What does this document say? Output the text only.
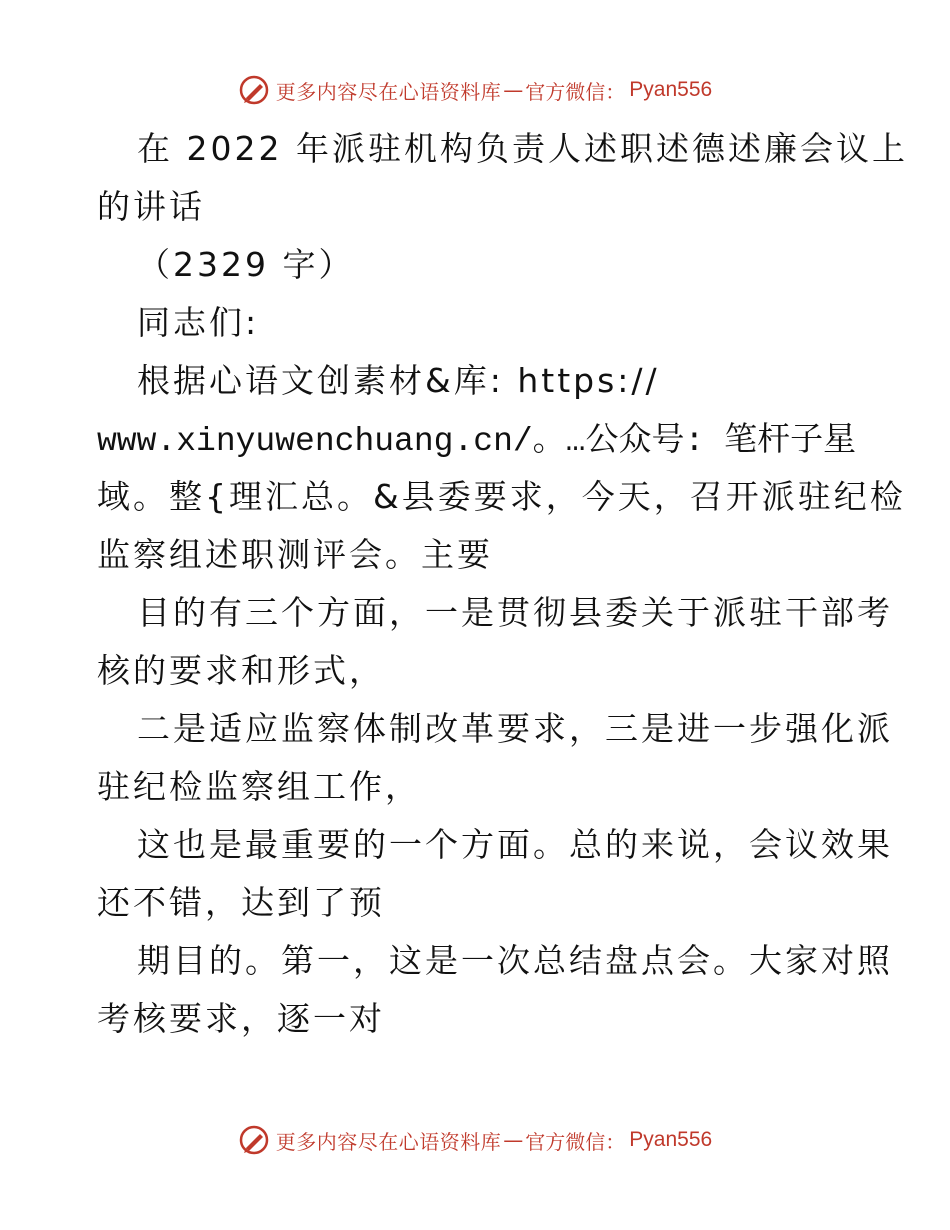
更多内容尽在心语资料库 — 官方微信： Pyan556
在 2022 年派驻机构负责人述职述德述廉会议上
的讲话
（2329 字）
同志们:
根据心语文创素材&库: https://
www.xinyuwenchuang.cn/。…公众号: 笔杆子星
域。整{理汇总。&县委要求，今天，召开派驻纪检
监察组述职测评会。主要
目的有三个方面，一是贯彻县委关于派驻干部考
核的要求和形式，
二是适应监察体制改革要求，三是进一步强化派
驻纪检监察组工作，
这也是最重要的一个方面。总的来说，会议效果
还不错，达到了预
期目的。第一，这是一次总结盘点会。大家对照
考核要求，逐一对
更多内容尽在心语资料库 — 官方微信： Pyan556
